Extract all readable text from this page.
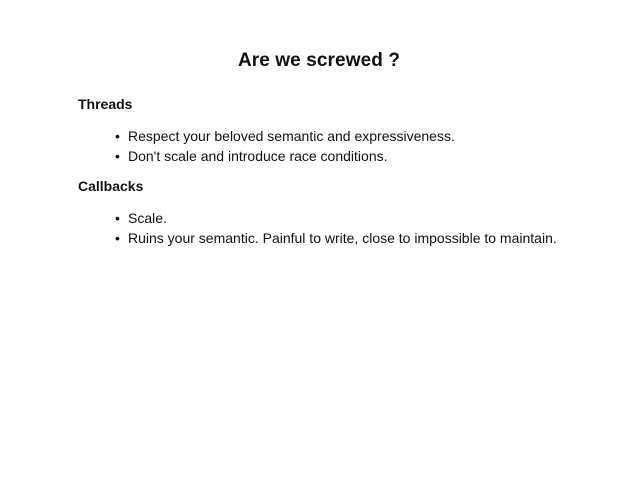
Are we screwed ?
Threads
• Respect your beloved semantic and expressiveness.
• Don't scale and introduce race conditions.
Callbacks
• Scale.
• Ruins your semantic. Painful to write, close to impossible to maintain.
